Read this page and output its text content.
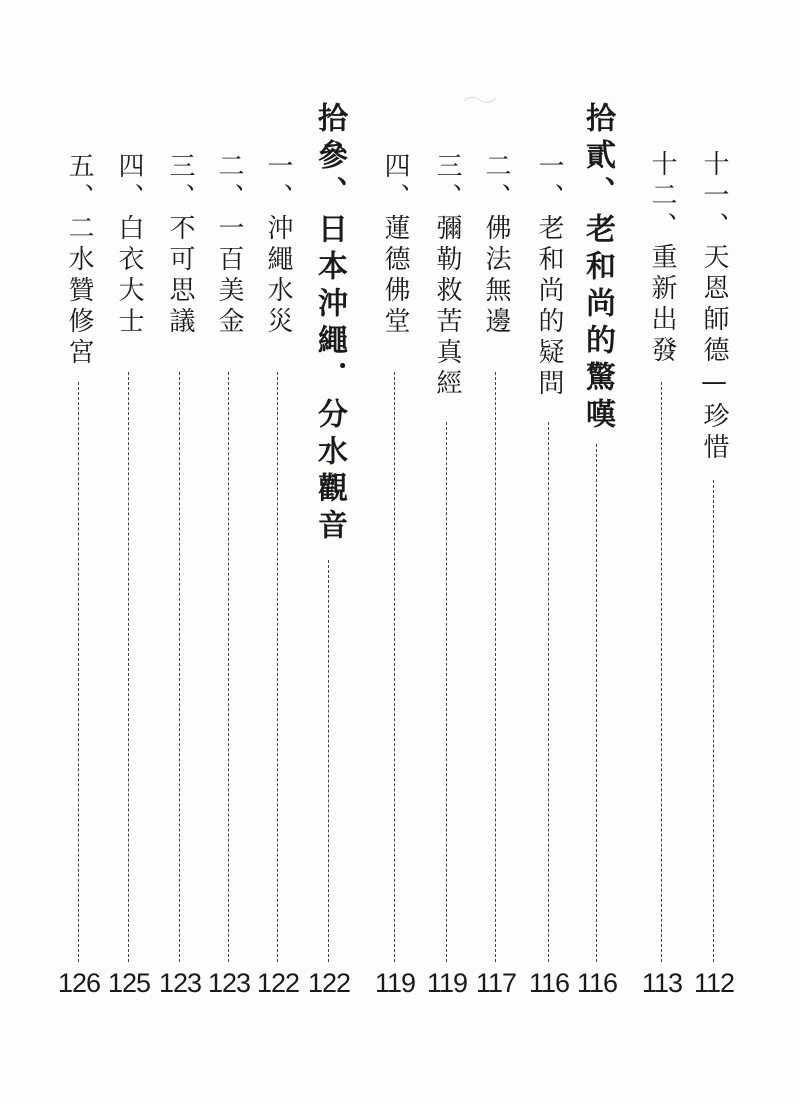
十一、天恩師德—珍惜
112
十二、重新出發
113
拾貳、老和尚的驚嘆
116
一、老和尚的疑問
116
二、佛法無邊
117
三、彌勒救苦真經
119
四、蓮德佛堂
119
拾參、日本沖繩．分水觀音
122
一、沖繩水災
122
二、一百美金
123
三、不可思議
123
四、白衣大士
125
五、二水贊修宮
126
